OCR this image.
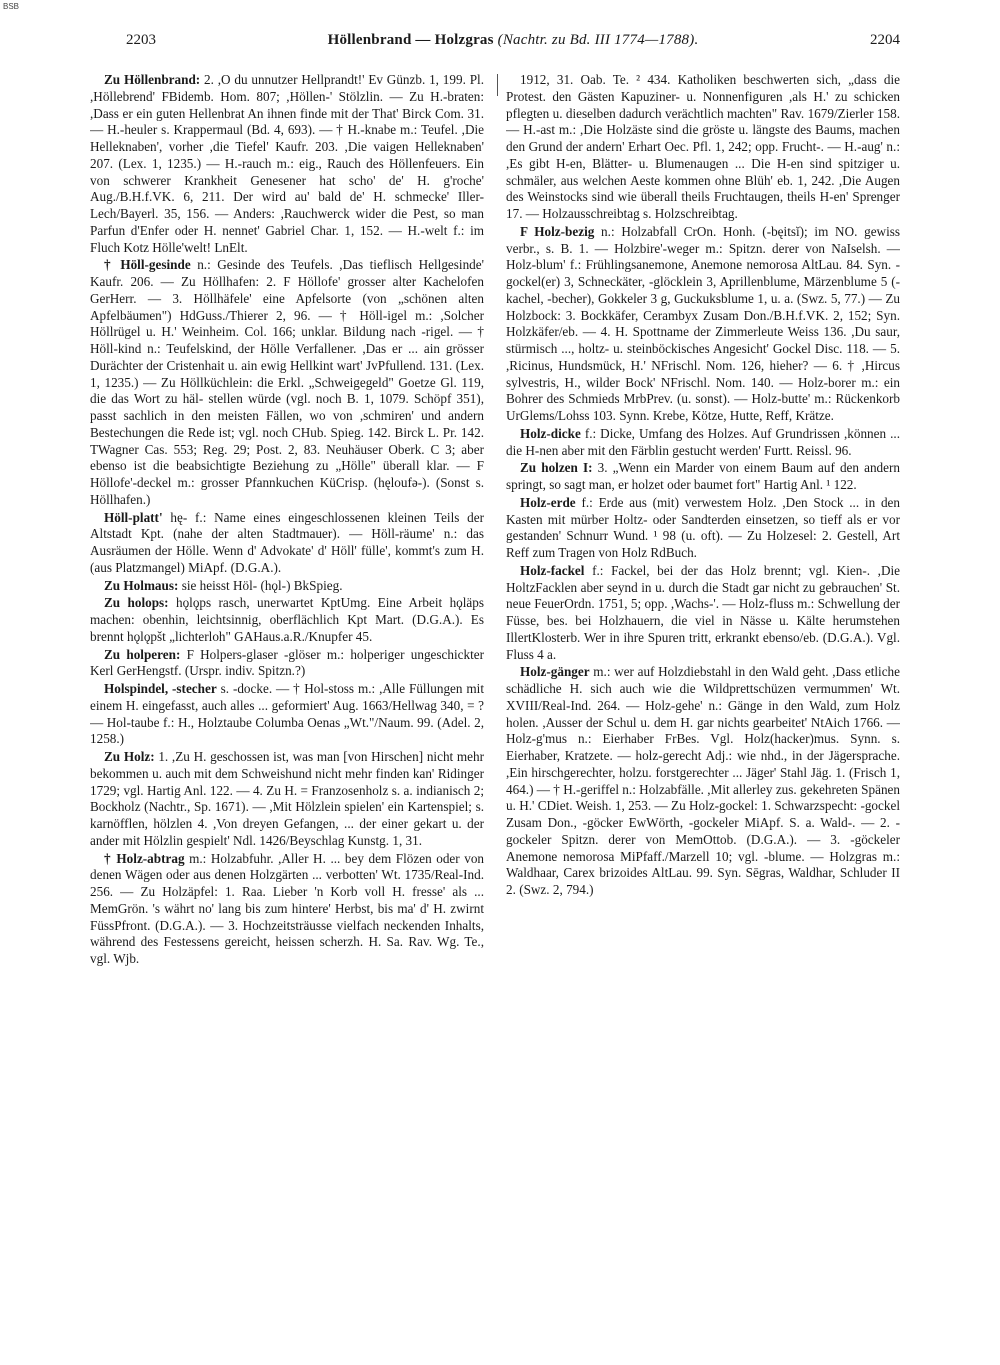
BSB
2203	Höllenbrand — Holzgras (Nachtr. zu Bd. III 1774—1788).	2204

Zu Höllenbrand: 2. ,O du unnutzer Hellprandt!' Ev Günzb. 1, 199. Pl. ,Höllebrend' FBidemb. Hom. 807; ,Höllen-' Stölzlin. — Zu H.-braten: ,Dass er ein guten Hellenbrat An ihnen finde mit der That' Birck Com. 31. — H.-heuler s. Krappermaul (Bd. 4, 693). — † H.-knabe m.: Teufel. ,Die Helleknaben', vorher ,die Tiefel' Kaufr. 203. ,Die vaigen Helleknaben' 207. (Lex. 1, 1235.) — H.-rauch m.: eig., Rauch des Höllenfeuers. Ein von schwerer Krankheit Genesener hat scho' de' H. g'roche' Aug./B.H.f.VK. 6, 211. Der wird au' bald de' H. schmecke' Iller-Lech/Bayerl. 35, 156. — Anders: ,Rauchwerck wider die Pest, so man Parfun d'Enfer oder H. nennet' Gabriel Char. 1, 152. — H.-welt f.: im Fluch Kotz Hölle'welt! LnElt.

† Höll-gesinde n.: Gesinde des Teufels. ,Das tieflisch Hellgesinde' Kaufr. 206. — Zu Höllhafen: 2. F Höllofe' grosser alter Kachelofen GerHerr. — 3. Höllhäfele' eine Apfelsorte (von „schönen alten Apfelbäumen") HdGuss./Thierer 2, 96. — † Höll-igel m.: ,Solcher Höllrügel u. H.' Weinheim. Col. 166; unklar. Bildung nach -rigel. — † Höll-kind n.: Teufelskind, der Hölle Verfallener. ,Das er ... ain grösser Durächter der Cristenhait u. ain ewig Hellkint wart' JvPfullend. 131. (Lex. 1, 1235.) — Zu Höllküchlein: die Erkl. „Schweigegeld" Goetze Gl. 119, die das Wort zu häl- stellen würde (vgl. noch B. 1, 1079. Schöpf 351), passt sachlich in den meisten Fällen, wo von ,schmiren' und andern Bestechungen die Rede ist; vgl. noch CHub. Spieg. 142. Birck L. Pr. 142. TWagner Cas. 553; Reg. 29; Post. 2, 83. Neuhäuser Oberk. C 3; aber ebenso ist die beabsichtigte Beziehung zu „Hölle" überall klar. — F Höllofe'-deckel m.: grosser Pfannkuchen KüCrisp. (hęloufə-). (Sonst s. Höllhafen.)

Höll-platt' hę- f.: Name eines eingeschlossenen kleinen Teils der Altstadt Kpt. (nahe der alten Stadtmauer). — Höll-räume' n.: das Ausräumen der Hölle. Wenn d' Advokate' d' Höll' fülle', kommt's zum H. (aus Platzmangel) MiApf. (D.G.A.).

Zu Holmaus: sie heisst Höl- (hǫl-) BkSpieg.

Zu holops: hǫlǫps rasch, unerwartet KptUmg. Eine Arbeit hǫläps machen: obenhin, leichtsinnig, oberflächlich Kpt Mart. (D.G.A.). Es brennt hǫlǫpšt „lichterloh" GAHaus.a.R./Knupfer 45.

Zu holperen: F Holpers-glaser -glöser m.: holperiger ungeschickter Kerl GerHengstf. (Urspr. indiv. Spitzn.?)

Holspindel, -stecher s. -docke. — † Hol-stoss m.: ,Alle Füllungen mit einem H. eingefasst, auch alles ... geformiert' Aug. 1663/Hellwag 340, = ? — Hol-taube f.: H., Holztaube Columba Oenas „Wt."/Naum. 99. (Adel. 2, 1258.)

Zu Holz: 1. ,Zu H. geschossen ist, was man [von Hirschen] nicht mehr bekommen u. auch mit dem Schweishund nicht mehr finden kan' Ridinger 1729; vgl. Hartig Anl. 122. — 4. Zu H. = Franzosenholz s. a. indianisch 2; Bockholz (Nachtr., Sp. 1671). — ,Mit Hölzlein spielen' ein Kartenspiel; s. karnöfflen, hölzlen 4. ,Von dreyen Gefangen, ... der einer gekart u. der ander mit Hölzlin gespielt' Ndl. 1426/Beyschlag Kunstg. 1, 31.

† Holz-abtrag m.: Holzabfuhr. ,Aller H. ... bey dem Flözen oder von denen Wägen oder aus denen Holzgärten ... verbotten' Wt. 1735/Real-Ind. 256. — Zu Holzäpfel: 1. Raa. Lieber 'n Korb voll H. fresse' als ... MemGrön. 's währt no' lang bis zum hintere' Herbst, bis ma' d' H. zwirnt FüssPfront. (D.G.A.). — 3. Hochzeitsträusse vielfach neckenden Inhalts, während des Festessens gereicht, heissen scherzh. H. Sa. Rav. Wg. Te., vgl. Wjb.

1912, 31. Oab. Te. ² 434. Katholiken beschwerten sich, „dass die Protest. den Gästen Kapuziner- u. Nonnenfiguren ,als H.' zu schicken pflegten u. dieselben dadurch verächtlich machten" Rav. 1679/Zierler 158. — H.-ast m.: ,Die Holzäste sind die gröste u. längste des Baums, machen den Grund der andern' Erhart Oec. Pfl. 1, 242; opp. Frucht-. — H.-aug' n.: ,Es gibt H-en, Blätter- u. Blumenaugen ... Die H-en sind spitziger u. schmäler, aus welchen Aeste kommen ohne Blüh' eb. 1, 242. ,Die Augen des Weinstocks sind wie überall theils Fruchtaugen, theils H-en' Sprenger 17. — Holzausschreibtag s. Holzschreibtag.

F Holz-bezig n.: Holzabfall CrOn. Honh. (-bęitsĭ); im NO. gewiss verbr., s. B. 1. — Holzbire'-weger m.: Spitzn. derer von NaIselsh. — Holz-blum' f.: Frühlingsanemone, Anemone nemorosa AltLau. 84. Syn. -gockel(er) 3, Schneckäter, -glöcklein 3, Aprillenblume, Märzenblume 5 (-kachel, -becher), Gokkeler 3 g, Guckuksblume 1, u. a. (Swz. 5, 77.) — Zu Holzbock: 3. Bockkäfer, Cerambyx Zusam Don./B.H.f.VK. 2, 152; Syn. Holzkäfer/eb. — 4. H. Spottname der Zimmerleute Weiss 136. ,Du saur, stürmisch ..., holtz- u. steinböckisches Angesicht' Gockel Disc. 118. — 5. ,Ricinus, Hundsmück, H.' NFrischl. Nom. 126, hieher? — 6. † ,Hircus sylvestris, H., wilder Bock' NFrischl. Nom. 140. — Holz-borer m.: ein Bohrer des Schmieds MrbPrev. (u. sonst). — Holz-butte' m.: Rückenkorb UrGlems/Lohss 103. Synn. Krebe, Kötze, Hutte, Reff, Krätze.

Holz-dicke f.: Dicke, Umfang des Holzes. Auf Grundrissen ,können ... die H-nen aber mit den Färblin gestucht werden' Furtt. Reissl. 96.

Zu holzen I: 3. „Wenn ein Marder von einem Baum auf den andern springt, so sagt man, er holzet oder baumet fort" Hartig Anl. ¹ 122.

Holz-erde f.: Erde aus (mit) verwestem Holz. ,Den Stock ... in den Kasten mit mürber Holtz- oder Sandterden einsetzen, so tieff als er vor gestanden' Schnurr Wund. ¹ 98 (u. oft). — Zu Holzesel: 2. Gestell, Art Reff zum Tragen von Holz RdBuch.

Holz-fackel f.: Fackel, bei der das Holz brennt; vgl. Kien-. ,Die HoltzFacklen aber seynd in u. durch die Stadt gar nicht zu gebrauchen' St. neue FeuerOrdn. 1751, 5; opp. ,Wachs-'. — Holz-fluss m.: Schwellung der Füsse, bes. bei Holzhauern, die viel in Nässe u. Kälte herumstehen IllertKlosterb. Wer in ihre Spuren tritt, erkrankt ebenso/eb. (D.G.A.). Vgl. Fluss 4 a.

Holz-gänger m.: wer auf Holzdiebstahl in den Wald geht. ,Dass etliche schädliche H. sich auch wie die Wildprettschüzen vermummen' Wt. XVIII/Real-Ind. 264. — Holz-gehe' n.: Gänge in den Wald, zum Holz holen. ,Ausser der Schul u. dem H. gar nichts gearbeitet' NtAich 1766. — Holz-g'mus n.: Eierhaber FrBes. Vgl. Holz(hacker)mus. Synn. s. Eierhaber, Kratzete. — holz-gerecht Adj.: wie nhd., in der Jägersprache. ,Ein hirschgerechter, holzu. forstgerechter ... Jäger' Stahl Jäg. 1. (Frisch 1, 464.) — † H.-geriffel n.: Holzabfälle. ,Mit allerley zus. gekehreten Spänen u. H.' CDiet. Weish. 1, 253. — Zu Holz-gockel: 1. Schwarzspecht: -gockel Zusam Don., -göcker EwWörth, -gockeler MiApf. S. a. Wald-. — 2. -gockeler Spitzn. derer von MemOttob. (D.G.A.). — 3. -göckeler Anemone nemorosa MiPfaff./Marzell 10; vgl. -blume. — Holzgras m.: Waldhaar, Carex brizoides AltLau. 99. Syn. Sēgras, Waldhar, Schluder II 2. (Swz. 2, 794.)
